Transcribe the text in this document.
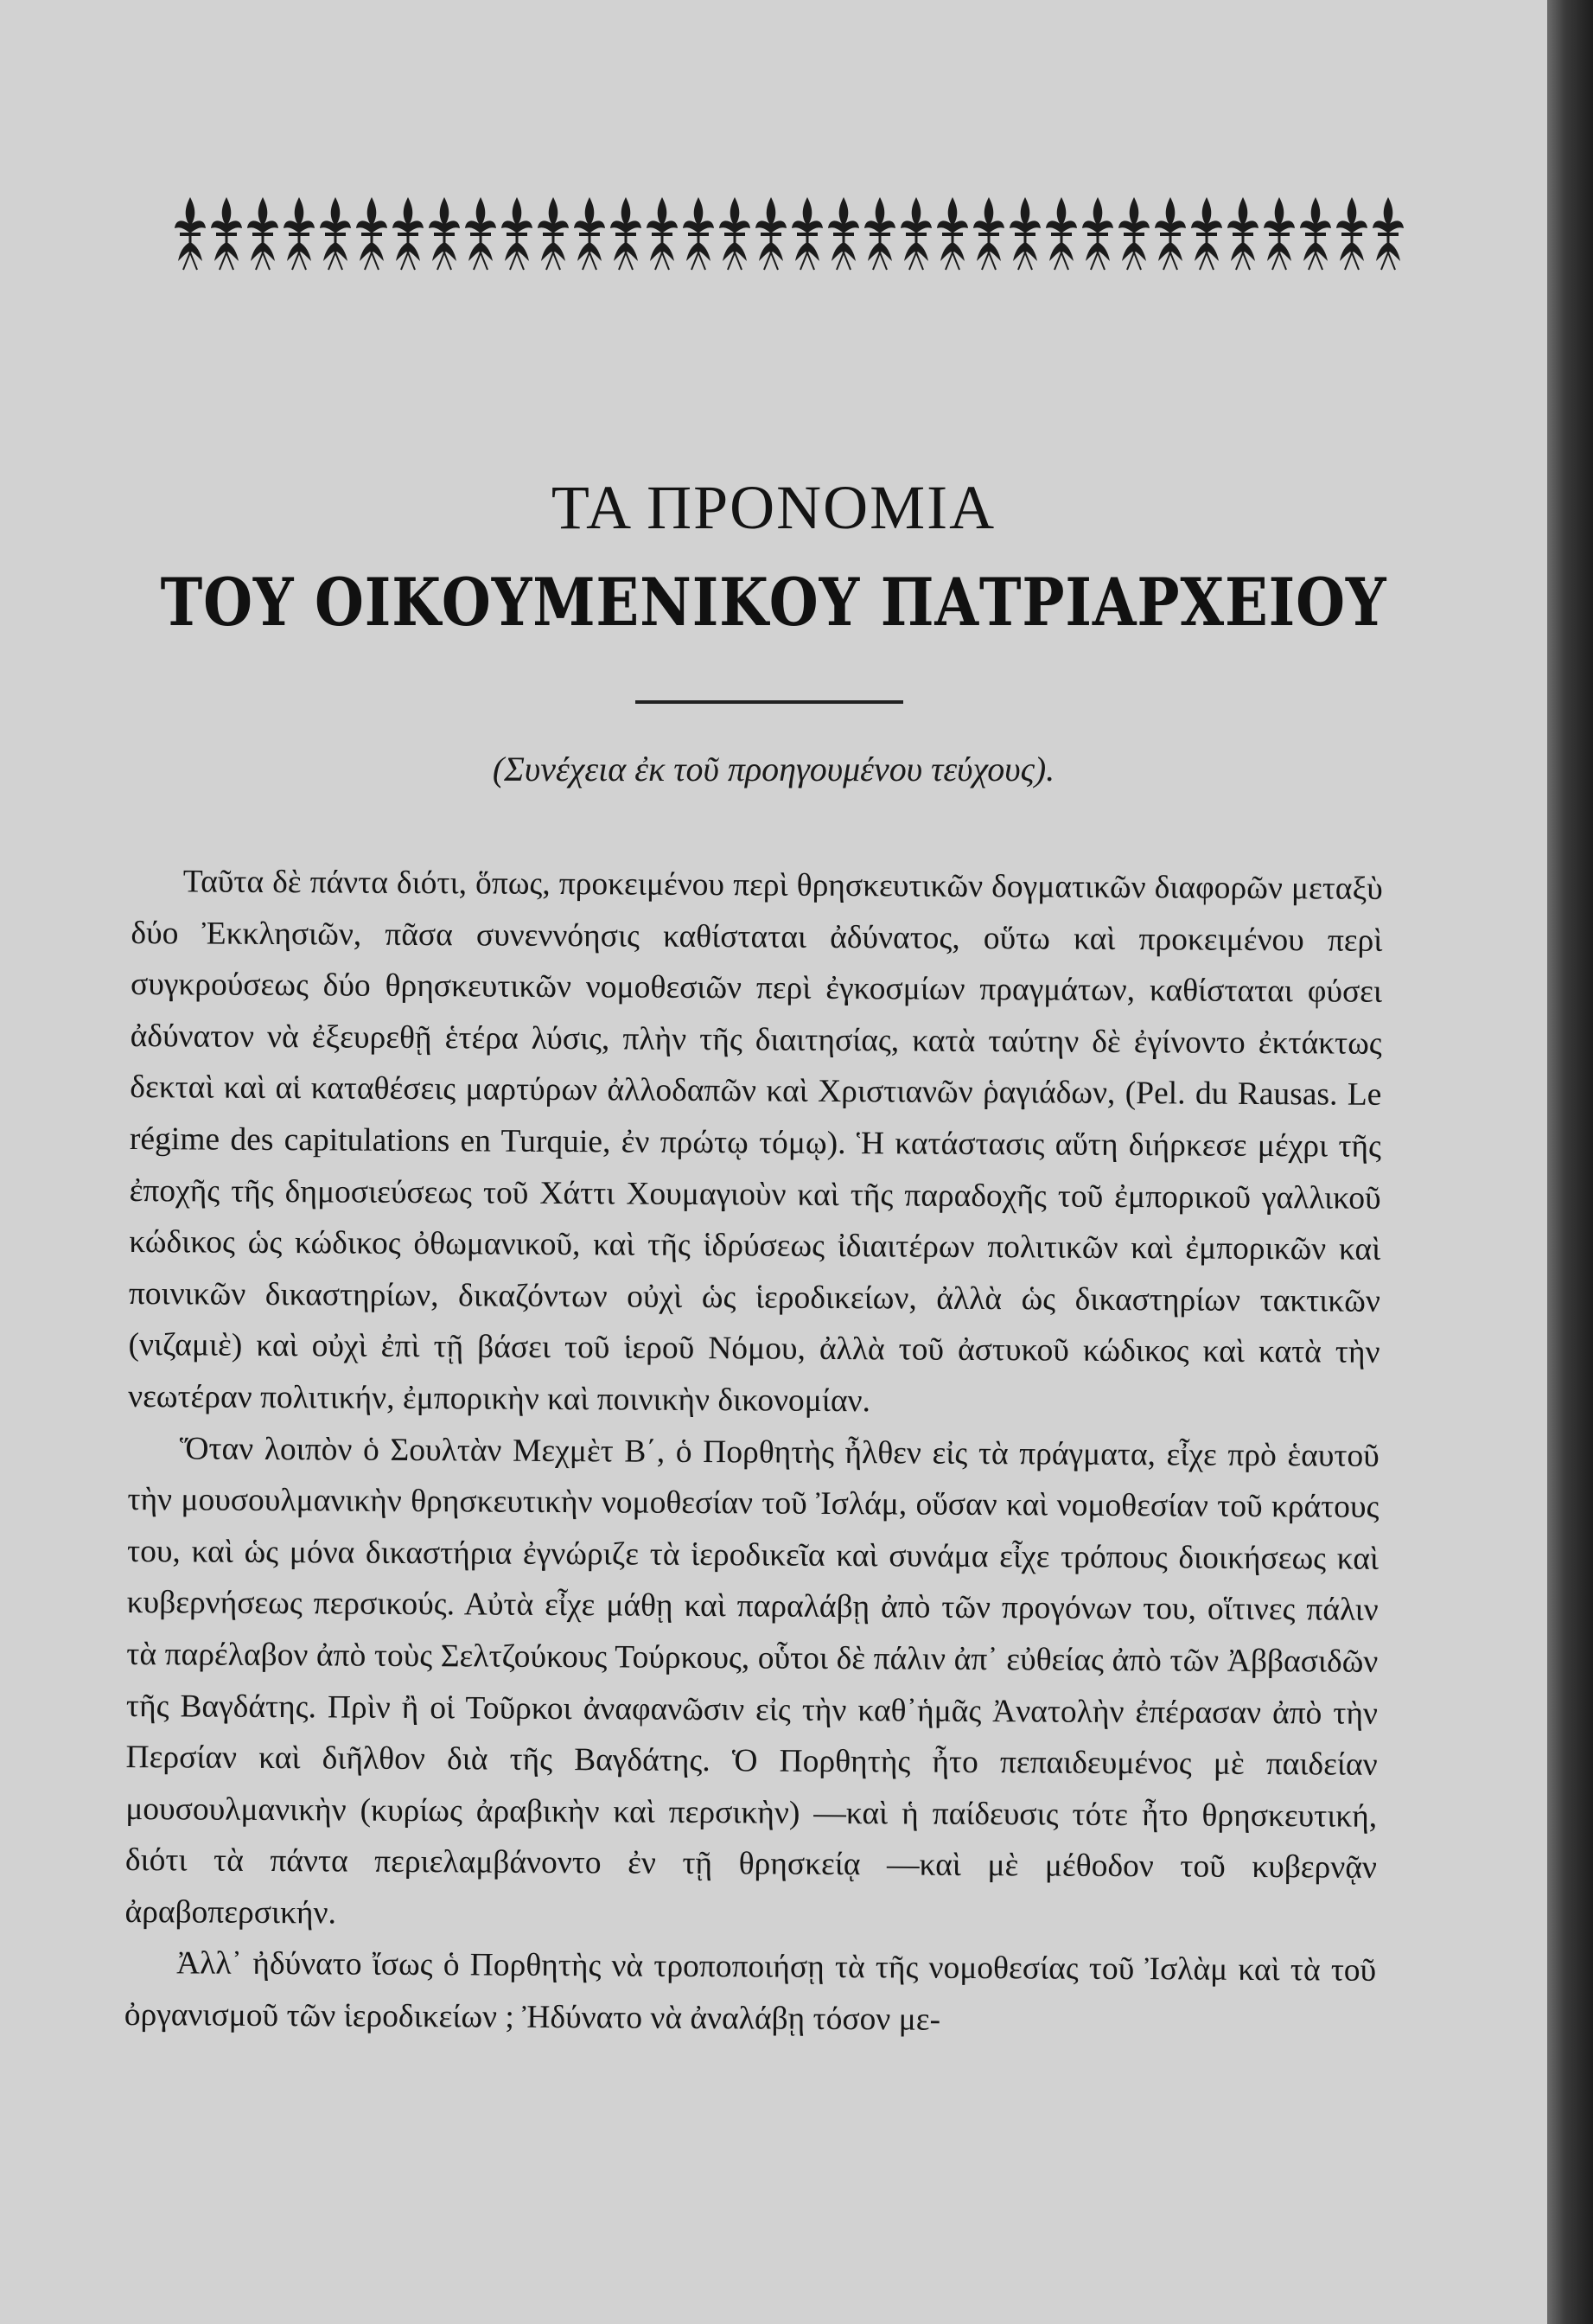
ΤΑ ΠΡΟΝΟΜΙΑ
ΤΟΥ ΟΙΚΟΥΜΕΝΙΚΟΥ ΠΑΤΡΙΑΡΧΕΙΟΥ
(Συνέχεια ἐκ τοῦ προηγουμένου τεύχους).

Ταῦτα δὲ πάντα διότι, ὅπως, προκειμένου περὶ θρησκευτικῶν δογματικῶν διαφορῶν μεταξὺ δύο Ἐκκλησιῶν, πᾶσα συνεννόησις καθίσταται ἀδύνατος, οὕτω καὶ προκειμένου περὶ συγκρούσεως δύο θρησκευτικῶν νομοθεσιῶν περὶ ἐγκοσμίων πραγμάτων, καθίσταται φύσει ἀδύνατον νὰ ἐξευρεθῇ ἑτέρα λύσις, πλὴν τῆς διαιτησίας, κατὰ ταύτην δὲ ἐγίνοντο ἐκτάκτως δεκταὶ καὶ αἱ καταθέσεις μαρτύρων ἀλλοδαπῶν καὶ Χριστιανῶν ῥαγιάδων, (Pel. du Rausas. Le régime des capitulations en Turquie, ἐν πρώτῳ τόμῳ). Ἡ κατάστασις αὕτη διήρκεσε μέχρι τῆς ἐποχῆς τῆς δημοσιεύσεως τοῦ Χάττι Χουμαγιοὺν καὶ τῆς παραδοχῆς τοῦ ἐμπορικοῦ γαλλικοῦ κώδικος ὡς κώδικος ὀθωμανικοῦ, καὶ τῆς ἱδρύσεως ἰδιαιτέρων πολιτικῶν καὶ ἐμπορικῶν καὶ ποινικῶν δικαστηρίων, δικαζόντων οὐχὶ ὡς ἱεροδικείων, ἀλλὰ ὡς δικαστηρίων τακτικῶν (νιζαμιὲ) καὶ οὐχὶ ἐπὶ τῇ βάσει τοῦ ἱεροῦ Νόμου, ἀλλὰ τοῦ ἀστυκοῦ κώδικος καὶ κατὰ τὴν νεωτέραν πολιτικήν, ἐμπορικὴν καὶ ποινικὴν δικονομίαν.

Ὅταν λοιπὸν ὁ Σουλτὰν Μεχμὲτ Β΄, ὁ Πορθητὴς ἦλθεν εἰς τὰ πράγματα, εἶχε πρὸ ἑαυτοῦ τὴν μουσουλμανικὴν θρησκευτικὴν νομοθεσίαν τοῦ Ἰσλάμ, οὕσαν καὶ νομοθεσίαν τοῦ κράτους του, καὶ ὡς μόνα δικαστήρια ἐγνώριζε τὰ ἱεροδικεῖα καὶ συνάμα εἶχε τρόπους διοικήσεως καὶ κυβερνήσεως περσικούς. Αὐτὰ εἶχε μάθῃ καὶ παραλάβῃ ἀπὸ τῶν προγόνων του, οἵτινες πάλιν τὰ παρέλαβον ἀπὸ τοὺς Σελτζούκους Τούρκους, οὗτοι δὲ πάλιν ἀπ᾿ εὐθείας ἀπὸ τῶν Ἀββασιδῶν τῆς Βαγδάτης. Πρὶν ἢ οἱ Τοῦρκοι ἀναφανῶσιν εἰς τὴν καθ᾿ἡμᾶς Ἀνατολὴν ἐπέρασαν ἀπὸ τὴν Περσίαν καὶ διῆλθον διὰ τῆς Βαγδάτης. Ὁ Πορθητὴς ἦτο πεπαιδευμένος μὲ παιδείαν μουσουλμανικὴν (κυρίως ἀραβικὴν καὶ περσικὴν) —καὶ ἡ παίδευσις τότε ἦτο θρησκευτική, διότι τὰ πάντα περιελαμβάνοντο ἐν τῇ θρησκείᾳ —καὶ μὲ μέθοδον τοῦ κυβερνᾷν ἀραβοπερσικήν.

Ἀλλ᾿ ἠδύνατο ἴσως ὁ Πορθητὴς νὰ τροποποιήσῃ τὰ τῆς νομοθεσίας τοῦ Ἰσλὰμ καὶ τὰ τοῦ ὀργανισμοῦ τῶν ἱεροδικείων ; Ἠδύνατο νὰ ἀναλάβῃ τόσον με-
